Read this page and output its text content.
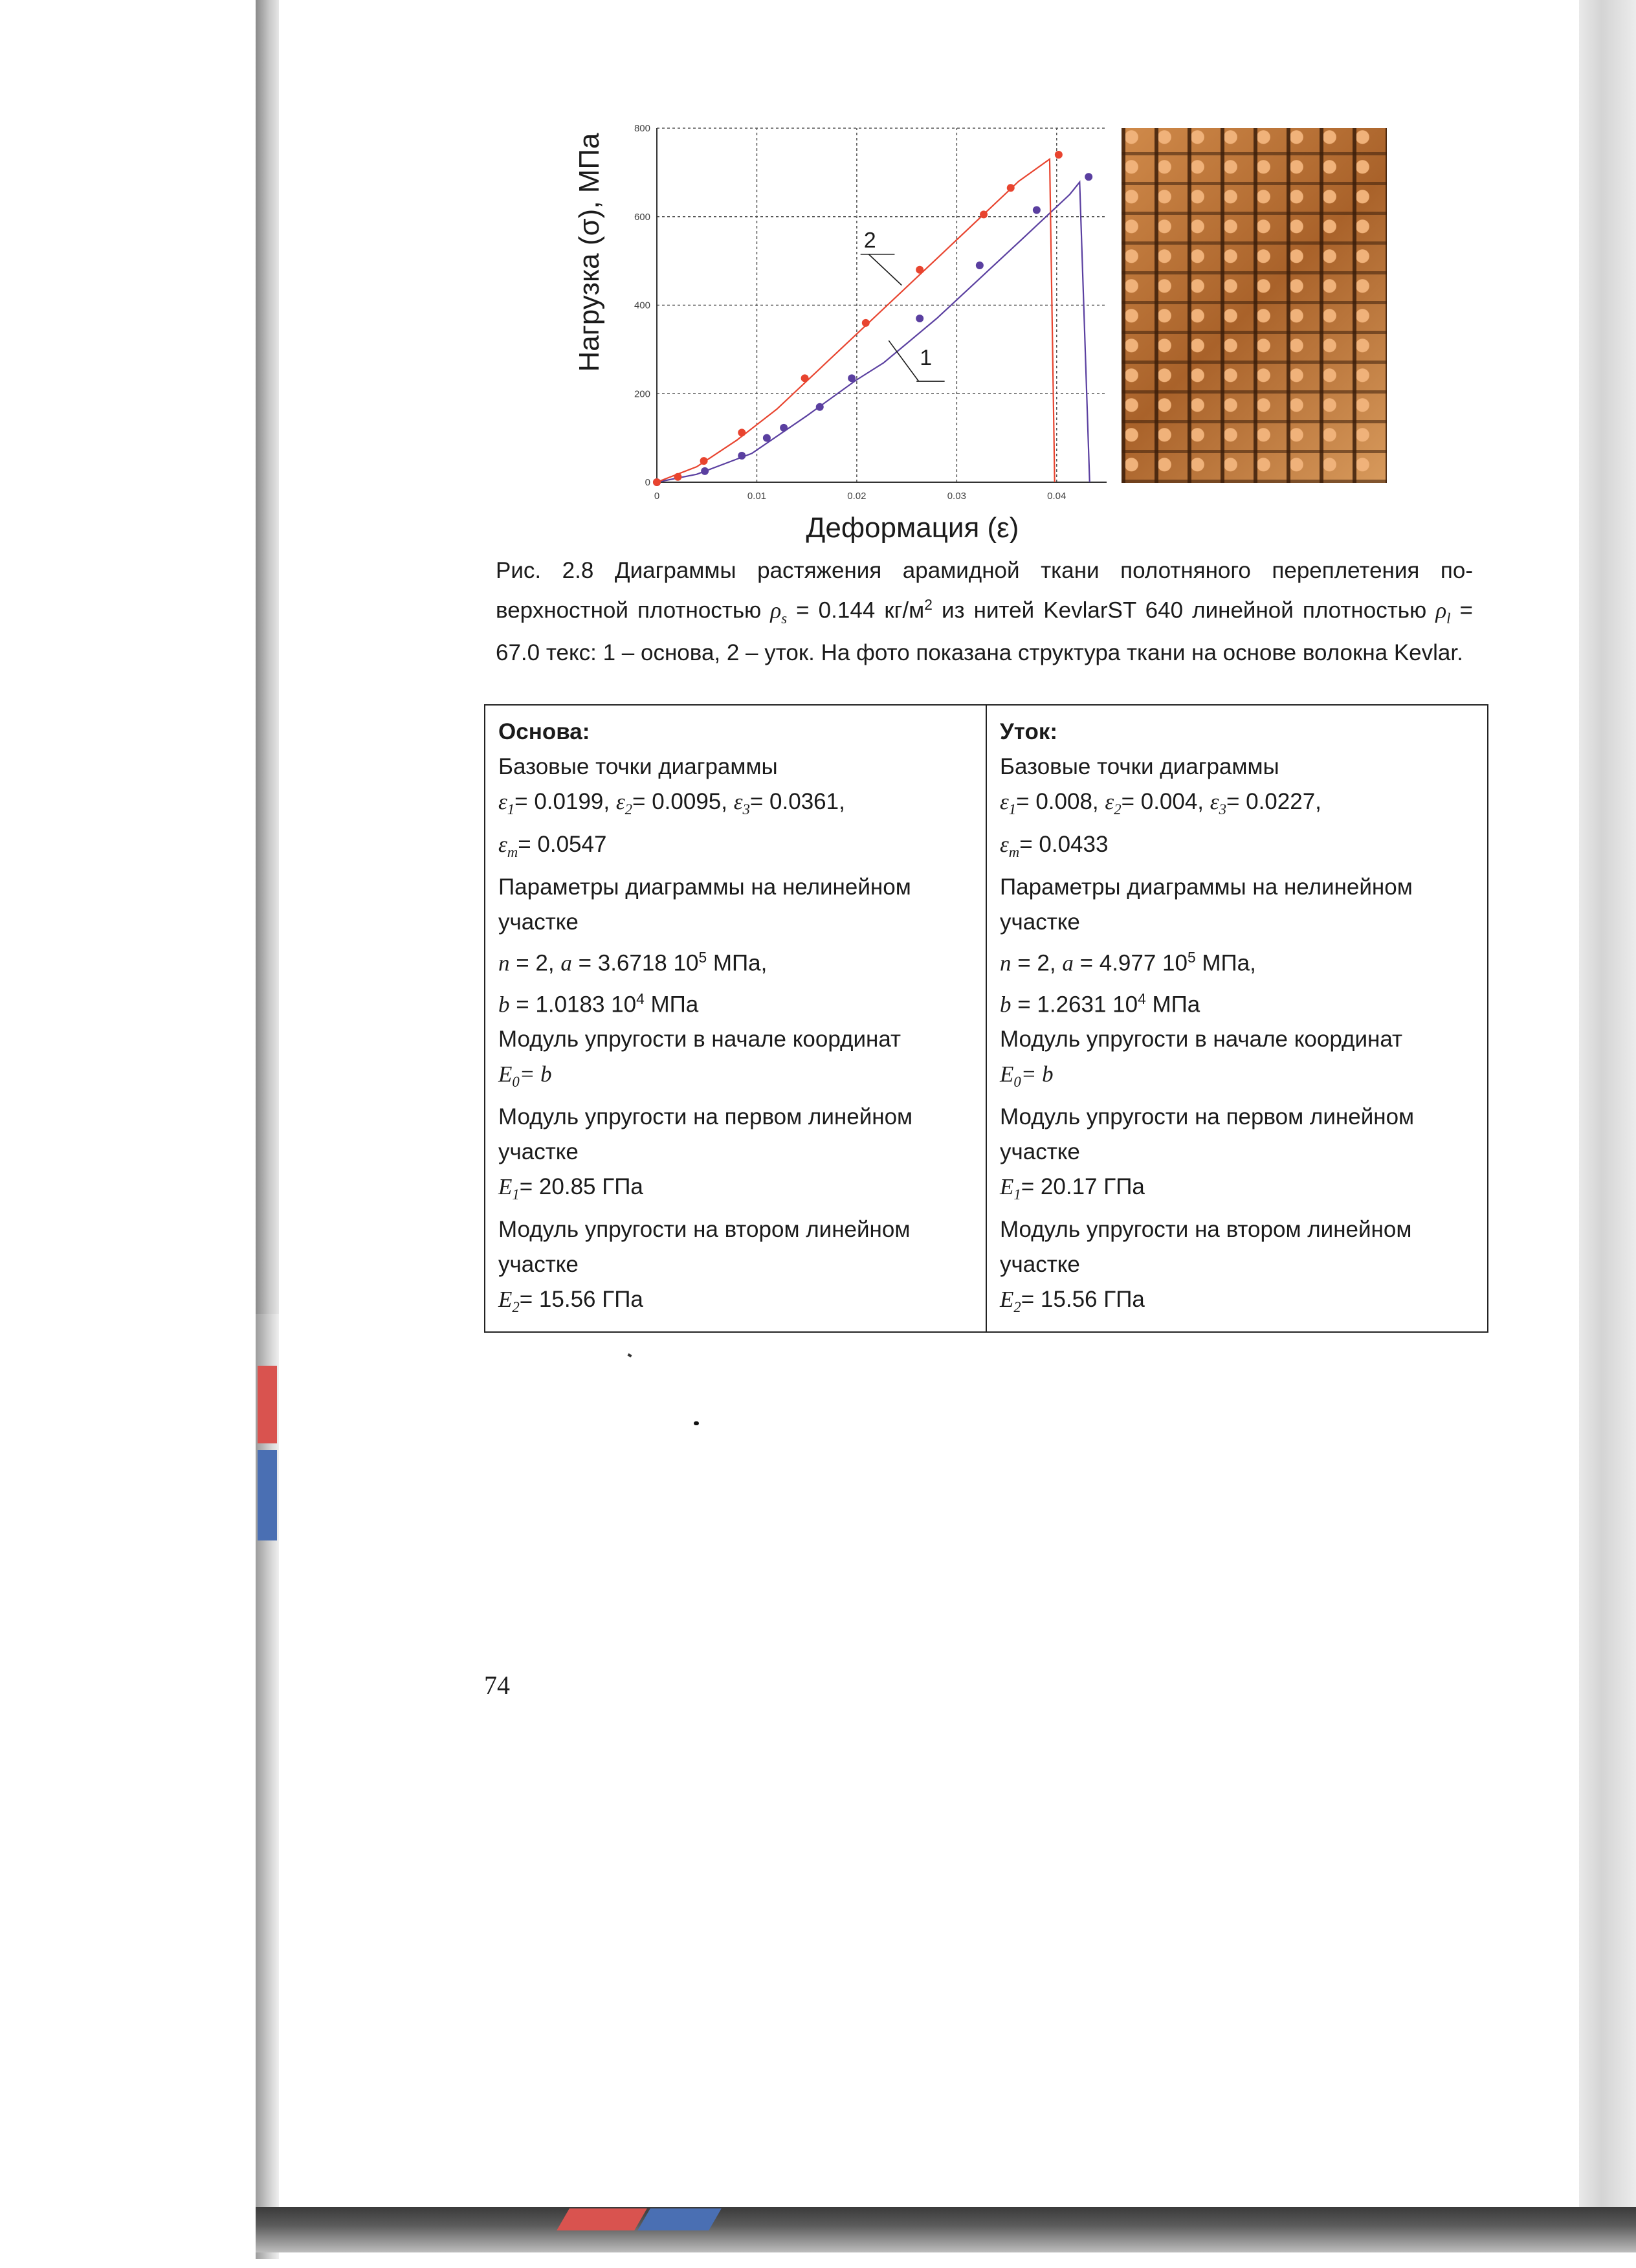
2
1
0	0.01	0.02	0.03	0.04
0
200
400
600
800
Нагрузка (σ), МПа
Деформация (ε)
Рис. 2.8 Диаграммы растяжения арамидной ткани полотняного переплетения по-верхностной плотностью $\rho_s = 0.144$ $кг/м^2$ из нитей KevlarST 640 линейной плотностью $\rho_l = 67.0$ текс: 1 – основа, 2 – уток. На фото показана структура ткани на основе волокна Kevlar.
Основа:
Базовые точки диаграммы
$\varepsilon_1= 0.0199$, $\varepsilon_2= 0.0095$, $\varepsilon_3= 0.0361$,
$\varepsilon_m= 0.0547$
Параметры диаграммы на нелинейном участке
n = 2, a = 3.6718 $10^5$ МПа,
b = 1.0183 $10^4$ МПа
Модуль упругости в начале координат
$E_0= b$
Модуль упругости на первом линейном участке
$E_1= 20.85$ ГПа
Модуль упругости на втором линейном участке
$E_2= 15.56$ ГПа

Уток:
Базовые точки диаграммы
$\varepsilon_1= 0.008$, $\varepsilon_2= 0.004$, $\varepsilon_3= 0.0227$,
$\varepsilon_m= 0.0433$
Параметры диаграммы на нелинейном участке
n = 2, a = 4.977 $10^5$ МПа,
b = 1.2631 $10^4$ МПа
Модуль упругости в начале координат
$E_0= b$
Модуль упругости на первом линейном участке
$E_1= 20.17$ ГПа
Модуль упругости на втором линейном участке
$E_2= 15.56$ ГПа
74
